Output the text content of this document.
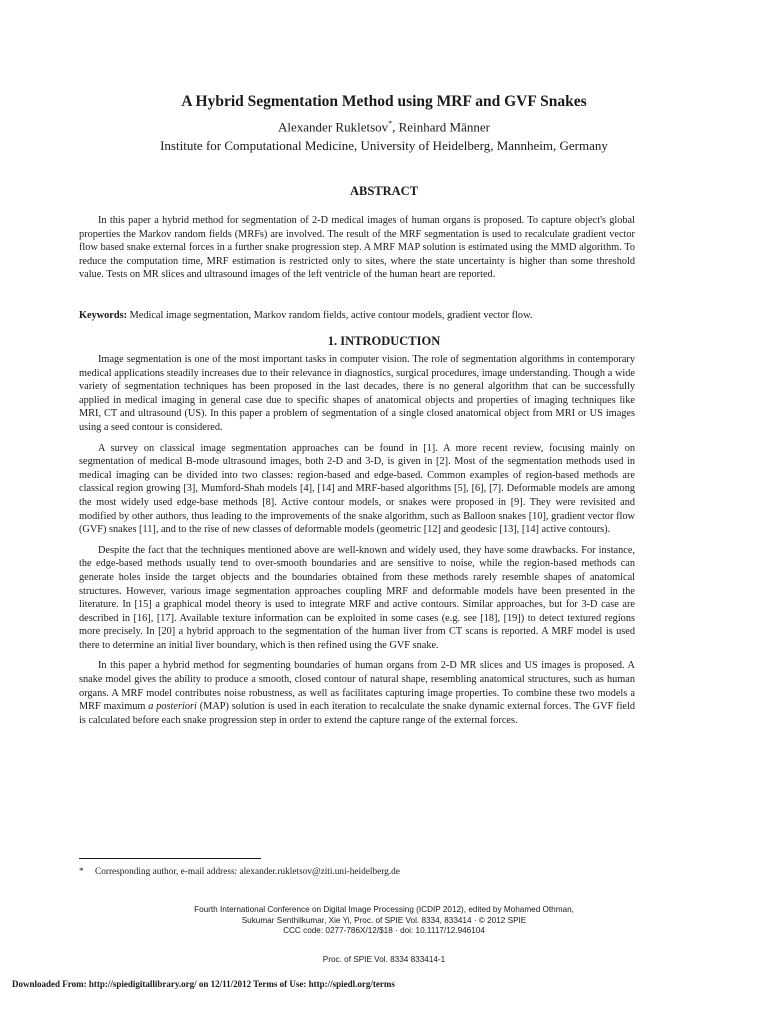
A Hybrid Segmentation Method using MRF and GVF Snakes
Alexander Rukletsov*, Reinhard Männer
Institute for Computational Medicine, University of Heidelberg, Mannheim, Germany
ABSTRACT

In this paper a hybrid method for segmentation of 2-D medical images of human organs is proposed. To capture object's global properties the Markov random fields (MRFs) are involved. The result of the MRF segmentation is used to recalculate gradient vector flow based snake external forces in a further snake progression step. A MRF MAP solution is estimated using the MMD algorithm. To reduce the computation time, MRF estimation is restricted only to sites, where the state uncertainty is higher than some threshold value. Tests on MR slices and ultrasound images of the left ventricle of the human heart are reported.

Keywords: Medical image segmentation, Markov random fields, active contour models, gradient vector flow.
1. INTRODUCTION

Image segmentation is one of the most important tasks in computer vision. The role of segmentation algorithms in contemporary medical applications steadily increases due to their relevance in diagnostics, surgical procedures, image understanding. Though a wide variety of segmentation techniques has been proposed in the last decades, there is no general algorithm that can be successfully applied in medical imaging in general case due to specific shapes of anatomical objects and properties of imaging techniques like MRI, CT and ultrasound (US). In this paper a problem of segmentation of a single closed anatomical object from MRI or US images using a seed contour is considered.

A survey on classical image segmentation approaches can be found in [1]. A more recent review, focusing mainly on segmentation of medical B-mode ultrasound images, both 2-D and 3-D, is given in [2]. Most of the segmentation methods used in medical imaging can be divided into two classes: region-based and edge-based. Common examples of region-based methods are classical region growing [3], Mumford-Shah models [4], [14] and MRF-based algorithms [5], [6], [7]. Deformable models are among the most widely used edge-base methods [8]. Active contour models, or snakes were proposed in [9]. They were revisited and modified by other authors, thus leading to the improvements of the snake algorithm, such as Balloon snakes [10], gradient vector flow (GVF) snakes [11], and to the rise of new classes of deformable models (geometric [12] and geodesic [13], [14] active contours).

Despite the fact that the techniques mentioned above are well-known and widely used, they have some drawbacks. For instance, the edge-based methods usually tend to over-smooth boundaries and are sensitive to noise, while the region-based methods can generate holes inside the target objects and the boundaries obtained from these methods rarely resemble shapes of anatomical structures. However, various image segmentation approaches coupling MRF and deformable models have been presented in the literature. In [15] a graphical model theory is used to integrate MRF and active contours. Similar approaches, but for 3-D case are described in [16], [17]. Available texture information can be exploited in some cases (e.g. see [18], [19]) to detect textured regions more precisely. In [20] a hybrid approach to the segmentation of the human liver from CT scans is reported. A MRF model is used there to determine an initial liver boundary, which is then refined using the GVF snake.

In this paper a hybrid method for segmenting boundaries of human organs from 2-D MR slices and US images is proposed. A snake model gives the ability to produce a smooth, closed contour of natural shape, resembling anatomical structures, such as human organs. A MRF model contributes noise robustness, as well as facilitates capturing image properties. To combine these two models a MRF maximum a posteriori (MAP) solution is used in each iteration to recalculate the snake dynamic external forces. The GVF field is calculated before each snake progression step in order to extend the capture range of the external forces.

* Corresponding author, e-mail address: alexander.rukletsov@ziti.uni-heidelberg.de
Fourth International Conference on Digital Image Processing (ICDIP 2012), edited by Mohamed Othman,
Sukumar Senthilkumar, Xie Yi, Proc. of SPIE Vol. 8334, 833414 · © 2012 SPIE
CCC code: 0277-786X/12/$18 · doi: 10.1117/12.946104
Proc. of SPIE Vol. 8334 833414-1
Downloaded From: http://spiedigitallibrary.org/ on 12/11/2012 Terms of Use: http://spiedl.org/terms
